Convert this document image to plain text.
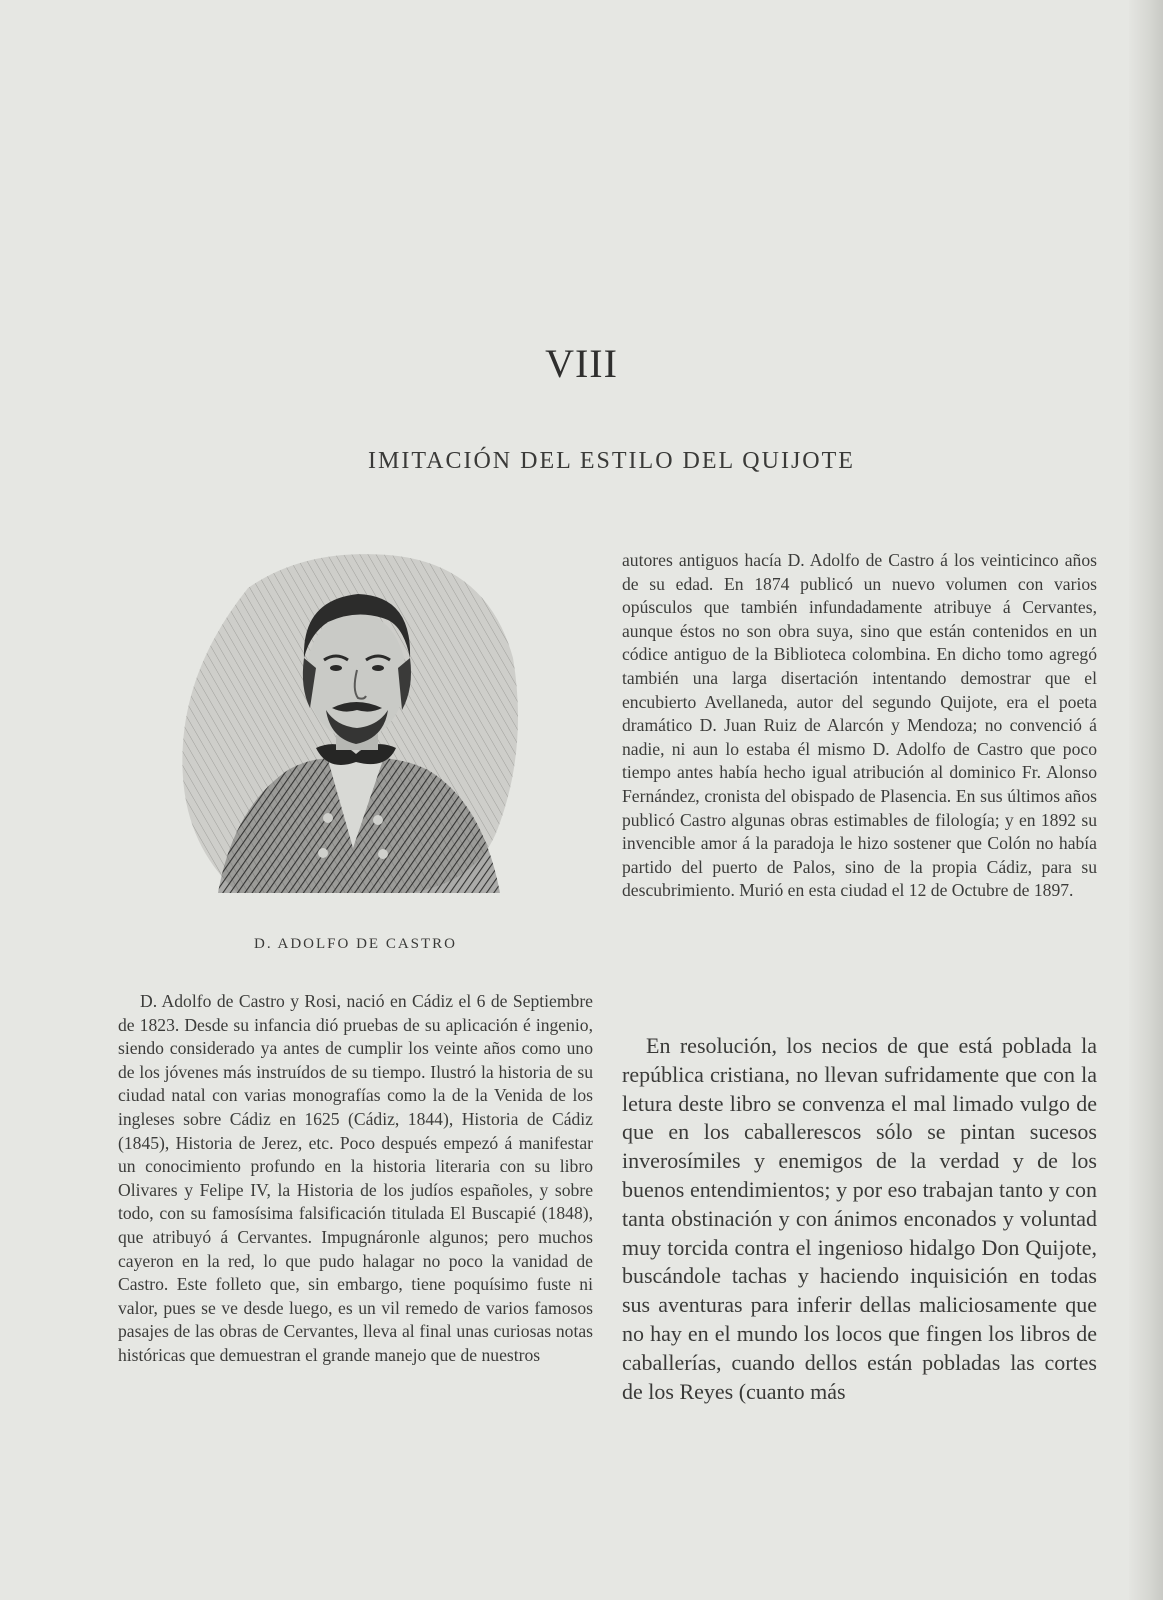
VIII
IMITACIÓN DEL ESTILO DEL QUIJOTE
D. ADOLFO DE CASTRO

D. Adolfo de Castro y Rosi, nació en Cádiz el 6 de Septiembre de 1823. Desde su infancia dió pruebas de su aplicación é ingenio, siendo considerado ya antes de cumplir los veinte años como uno de los jóvenes más instruídos de su tiempo. Ilustró la historia de su ciudad natal con varias monografías como la de la Venida de los ingleses sobre Cádiz en 1625 (Cádiz, 1844), Historia de Cádiz (1845), Historia de Jerez, etc. Poco después empezó á manifestar un conocimiento profundo en la historia literaria con su libro Olivares y Felipe IV, la Historia de los judíos españoles, y sobre todo, con su famosísima falsificación titulada El Buscapié (1848), que atribuyó á Cervantes. Impugnáronle algunos; pero muchos cayeron en la red, lo que pudo halagar no poco la vanidad de Castro. Este folleto que, sin embargo, tiene poquísimo fuste ni valor, pues se ve desde luego, es un vil remedo de varios famosos pasajes de las obras de Cervantes, lleva al final unas curiosas notas históricas que demuestran el grande manejo que de nuestros

autores antiguos hacía D. Adolfo de Castro á los veinticinco años de su edad. En 1874 publicó un nuevo volumen con varios opúsculos que también infundadamente atribuye á Cervantes, aunque éstos no son obra suya, sino que están contenidos en un códice antiguo de la Biblioteca colombina. En dicho tomo agregó también una larga disertación intentando demostrar que el encubierto Avellaneda, autor del segundo Quijote, era el poeta dramático D. Juan Ruiz de Alarcón y Mendoza; no convenció á nadie, ni aun lo estaba él mismo D. Adolfo de Castro que poco tiempo antes había hecho igual atribución al dominico Fr. Alonso Fernández, cronista del obispado de Plasencia. En sus últimos años publicó Castro algunas obras estimables de filología; y en 1892 su invencible amor á la paradoja le hizo sostener que Colón no había partido del puerto de Palos, sino de la propia Cádiz, para su descubrimiento. Murió en esta ciudad el 12 de Octubre de 1897.

En resolución, los necios de que está poblada la república cristiana, no llevan sufridamente que con la letura deste libro se convenza el mal limado vulgo de que en los caballerescos sólo se pintan sucesos inverosímiles y enemigos de la verdad y de los buenos entendimientos; y por eso trabajan tanto y con tanta obstinación y con ánimos enconados y voluntad muy torcida contra el ingenioso hidalgo Don Quijote, buscándole tachas y haciendo inquisición en todas sus aventuras para inferir dellas maliciosamente que no hay en el mundo los locos que fingen los libros de caballerías, cuando dellos están pobladas las cortes de los Reyes (cuanto más
